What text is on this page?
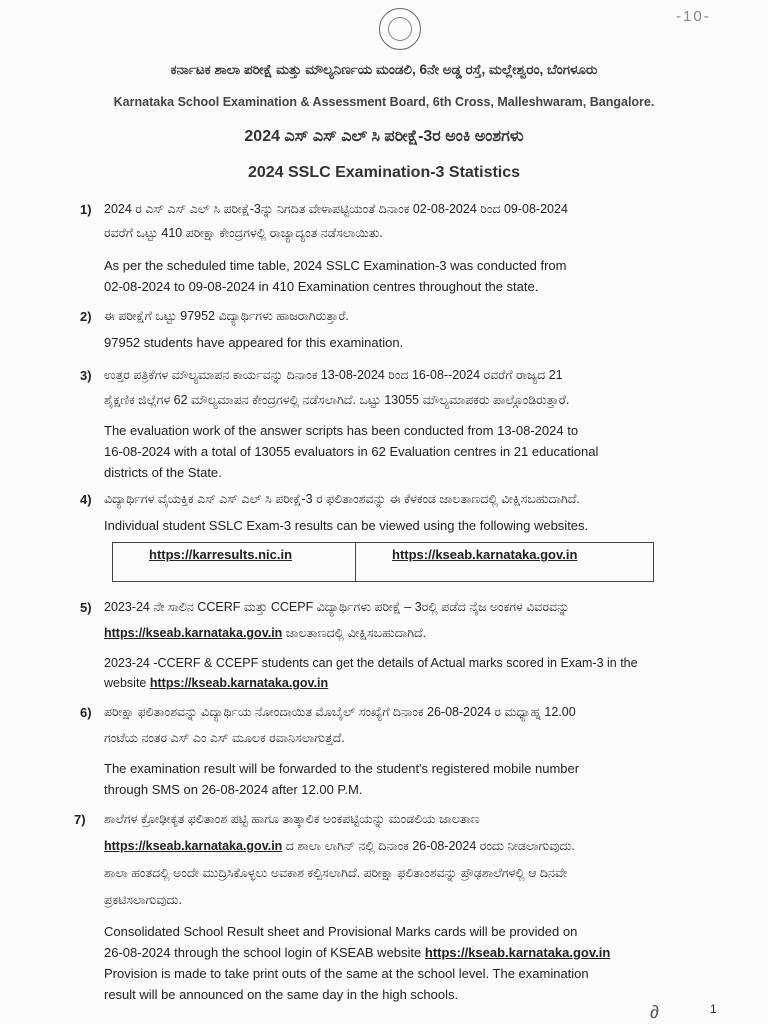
-10-
ಕರ್ನಾಟಕ ಶಾಲಾ ಪರೀಕ್ಷೆ ಮತ್ತು ಮೌಲ್ಯನಿರ್ಣಯ ಮಂಡಲಿ, 6ನೇ ಅಡ್ಡ ರಸ್ತೆ, ಮಲ್ಲೇಶ್ವರಂ, ಬೆಂಗಳೂರು
Karnataka School Examination & Assessment Board, 6th Cross, Malleshwaram, Bangalore.
2024 ಎಸ್ ಎಸ್ ಎಲ್ ಸಿ ಪರೀಕ್ಷೆ-3ರ ಅಂಕಿ ಅಂಶಗಳು
2024 SSLC Examination-3 Statistics
1) 2024 ರ ಎಸ್ ಎಸ್ ಎಲ್ ಸಿ ಪರೀಕ್ಷೆ-3ನ್ನು ನಿಗದಿತ ವೇಳಾಪಟ್ಟಿಯಂತೆ ದಿನಾಂಕ 02-08-2024 ರಿಂದ 09-08-2024
ರವರೆಗೆ ಒಟ್ಟು 410 ಪರೀಕ್ಷಾ ಕೇಂದ್ರಗಳಲ್ಲಿ ರಾಜ್ಯಾದ್ಯಂತ ನಡೆಸಲಾಯಿತು.
As per the scheduled time table, 2024 SSLC Examination-3 was conducted from
02-08-2024 to 09-08-2024 in 410 Examination centres throughout the state.
2) ಈ ಪರೀಕ್ಷೆಗೆ ಒಟ್ಟು 97952 ವಿದ್ಯಾರ್ಥಿಗಳು ಹಾಜರಾಗಿರುತ್ತಾರೆ.
97952 students have appeared for this examination.
3) ಉತ್ತರ ಪತ್ರಿಕೆಗಳ ಮೌಲ್ಯಮಾಪನ ಕಾರ್ಯವನ್ನು ದಿನಾಂಕ 13-08-2024 ರಿಂದ 16-08--2024 ರವರೆಗೆ ರಾಜ್ಯದ 21
ಶೈಕ್ಷಣಿಕ ಜಿಲ್ಲೆಗಳ 62 ಮೌಲ್ಯಮಾಪನ ಕೇಂದ್ರಗಳಲ್ಲಿ ನಡೆಸಲಾಗಿದೆ. ಒಟ್ಟು 13055 ಮೌಲ್ಯಮಾಪಕರು ಪಾಲ್ಗೊಂಡಿರುತ್ತಾರೆ.
The evaluation work of the answer scripts has been conducted from 13-08-2024 to
16-08-2024 with a total of 13055 evaluators in 62 Evaluation centres in 21 educational
districts of the State.
4) ವಿದ್ಯಾರ್ಥಿಗಳ ವೈಯಕ್ತಿಕ ಎಸ್ ಎಸ್ ಎಲ್ ಸಿ ಪರೀಕ್ಷೆ-3 ರ ಫಲಿತಾಂಶವನ್ನು ಈ ಕೆಳಕಂಡ ಜಾಲತಾಣದಲ್ಲಿ ವೀಕ್ಷಿಸಬಹುದಾಗಿದೆ.
Individual student SSLC Exam-3 results can be viewed using the following websites.
https://karresults.nic.in	https://kseab.karnataka.gov.in
5) 2023-24 ನೇ ಸಾಲಿನ CCERF ಮತ್ತು CCEPF ವಿದ್ಯಾರ್ಥಿಗಳು ಪರೀಕ್ಷೆ – 3ರಲ್ಲಿ ಪಡೆದ ನೈಜ ಅಂಕಗಳ ವಿವರವನ್ನು
https://kseab.karnataka.gov.in ಜಾಲತಾಣದಲ್ಲಿ ವೀಕ್ಷಿಸಬಹುದಾಗಿದೆ.
2023-24 -CCERF & CCEPF students can get the details of Actual marks scored in Exam-3 in the
website https://kseab.karnataka.gov.in
6) ಪರೀಕ್ಷಾ ಫಲಿತಾಂಶವನ್ನು ವಿದ್ಯಾರ್ಥಿಯ ನೋಂದಾಯಿತ ಮೊಬೈಲ್ ಸಂಖ್ಯೆಗೆ ದಿನಾಂಕ 26-08-2024 ರ ಮಧ್ಯಾಹ್ನ 12.00
ಗಂಟೆಯ ನಂತರ ಎಸ್ ಎಂ ಎಸ್ ಮೂಲಕ ರವಾನಿಸಲಾಗುತ್ತದೆ.
The examination result will be forwarded to the student's registered mobile number
through SMS on 26-08-2024 after 12.00 P.M.
7) ಶಾಲೆಗಳ ಕ್ರೋಢೀಕೃತ ಫಲಿತಾಂಶ ಪಟ್ಟಿ ಹಾಗೂ ತಾತ್ಕಾಲಿಕ ಅಂಕಪಟ್ಟಿಯನ್ನು ಮಂಡಲಿಯ ಜಾಲತಾಣ
https://kseab.karnataka.gov.in ದ ಶಾಲಾ ಲಾಗಿನ್ ನಲ್ಲಿ ದಿನಾಂಕ 26-08-2024 ರಂದು ನೀಡಲಾಗುವುದು.
ಶಾಲಾ ಹಂತದಲ್ಲಿ ಅಂದೇ ಮುದ್ರಿಸಿಕೊಳ್ಳಲು ಅವಕಾಶ ಕಲ್ಪಿಸಲಾಗಿದೆ. ಪರೀಕ್ಷಾ ಫಲಿತಾಂಶವನ್ನು ಪ್ರೌಢಶಾಲೆಗಳಲ್ಲಿ ಆ ದಿನವೇ
ಪ್ರಕಟಿಸಲಾಗುವುದು.
Consolidated School Result sheet and Provisional Marks cards will be provided on
26-08-2024 through the school login of KSEAB website https://kseab.karnataka.gov.in
Provision is made to take print outs of the same at the school level. The examination
result will be announced on the same day in the high schools.
∂	1
